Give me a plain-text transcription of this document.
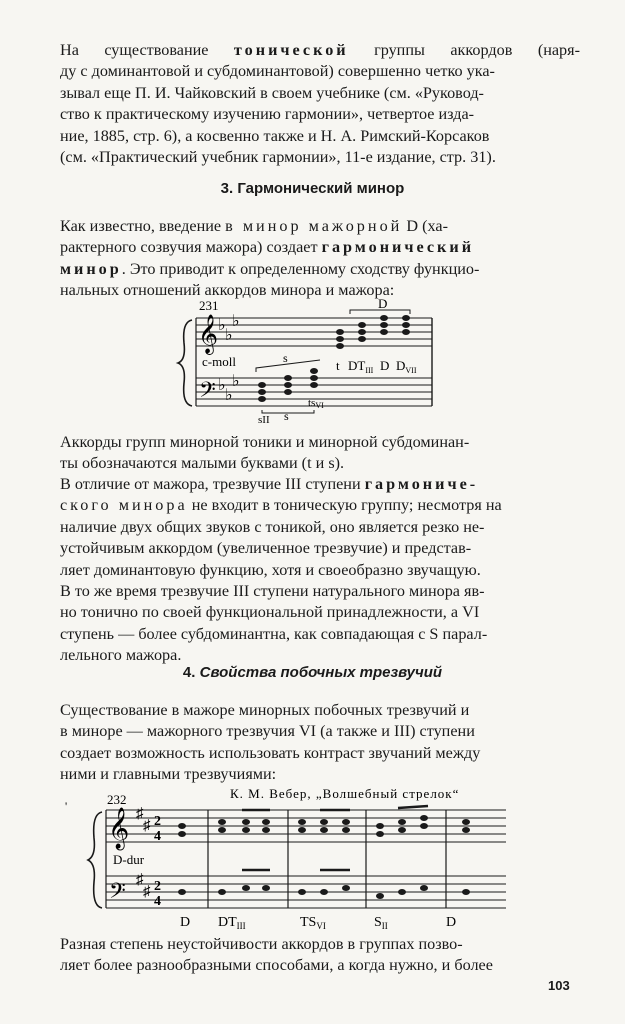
На существование тонической группы аккордов (наря-
ду с доминантовой и субдоминантовой) совершенно четко ука-
зывал еще П. И. Чайковский в своем учебнике (см. «Руковод-
ство к практическому изучению гармонии», четвертое изда-
ние, 1885, стр. 6), а косвенно также и Н. А. Римский-Корсаков
(см. «Практический учебник гармонии», 11-е издание, стр. 31).

3. Гармонический минор

Как известно, введение в минор мажорной D (ха-
рактерного созвучия мажора) создает гармонический
минор. Это приводит к определенному сходству функцио-
нальных отношений аккордов минора и мажора:

231
𝄞
𝄢
♭
♭
♭
♭
♭
♭
c-moll
D
s	t $DT_{III}$ D $D_{VII}$
s
sII
tsVI

Аккорды групп минорной тоники и минорной субдоминан-
ты обозначаются малыми буквами (t и s).

В отличие от мажора, трезвучие III ступени гармониче-
ского минора не входит в тоническую группу; несмотря на
наличие двух общих звуков с тоникой, оно является резко не-
устойчивым аккордом (увеличенное трезвучие) и представ-
ляет доминантовую функцию, хотя и своеобразно звучащую.
В то же время трезвучие III ступени натурального минора яв-
но тонично по своей функциональной принадлежности, а VI
ступень — более субдоминантна, как совпадающая с S парал-
лельного мажора.

4. Свойства побочных трезвучий

Существование в мажоре минорных побочных трезвучий и
в миноре — мажорного трезвучия VI (а также и III) ступени
создает возможность использовать контраст звучаний между
ними и главными трезвучиями:

232	К. М. Вебер, „Волшебный стрелок“
'
𝄞
𝄢
♯
♯
♯
♯
2
4
2
4
D-dur
D $DT_{III}$	$TS_{VI}$	$S_{II}$	D

Разная степень неустойчивости аккордов в группах позво-
ляет более разнообразными способами, а когда нужно, и более

103
